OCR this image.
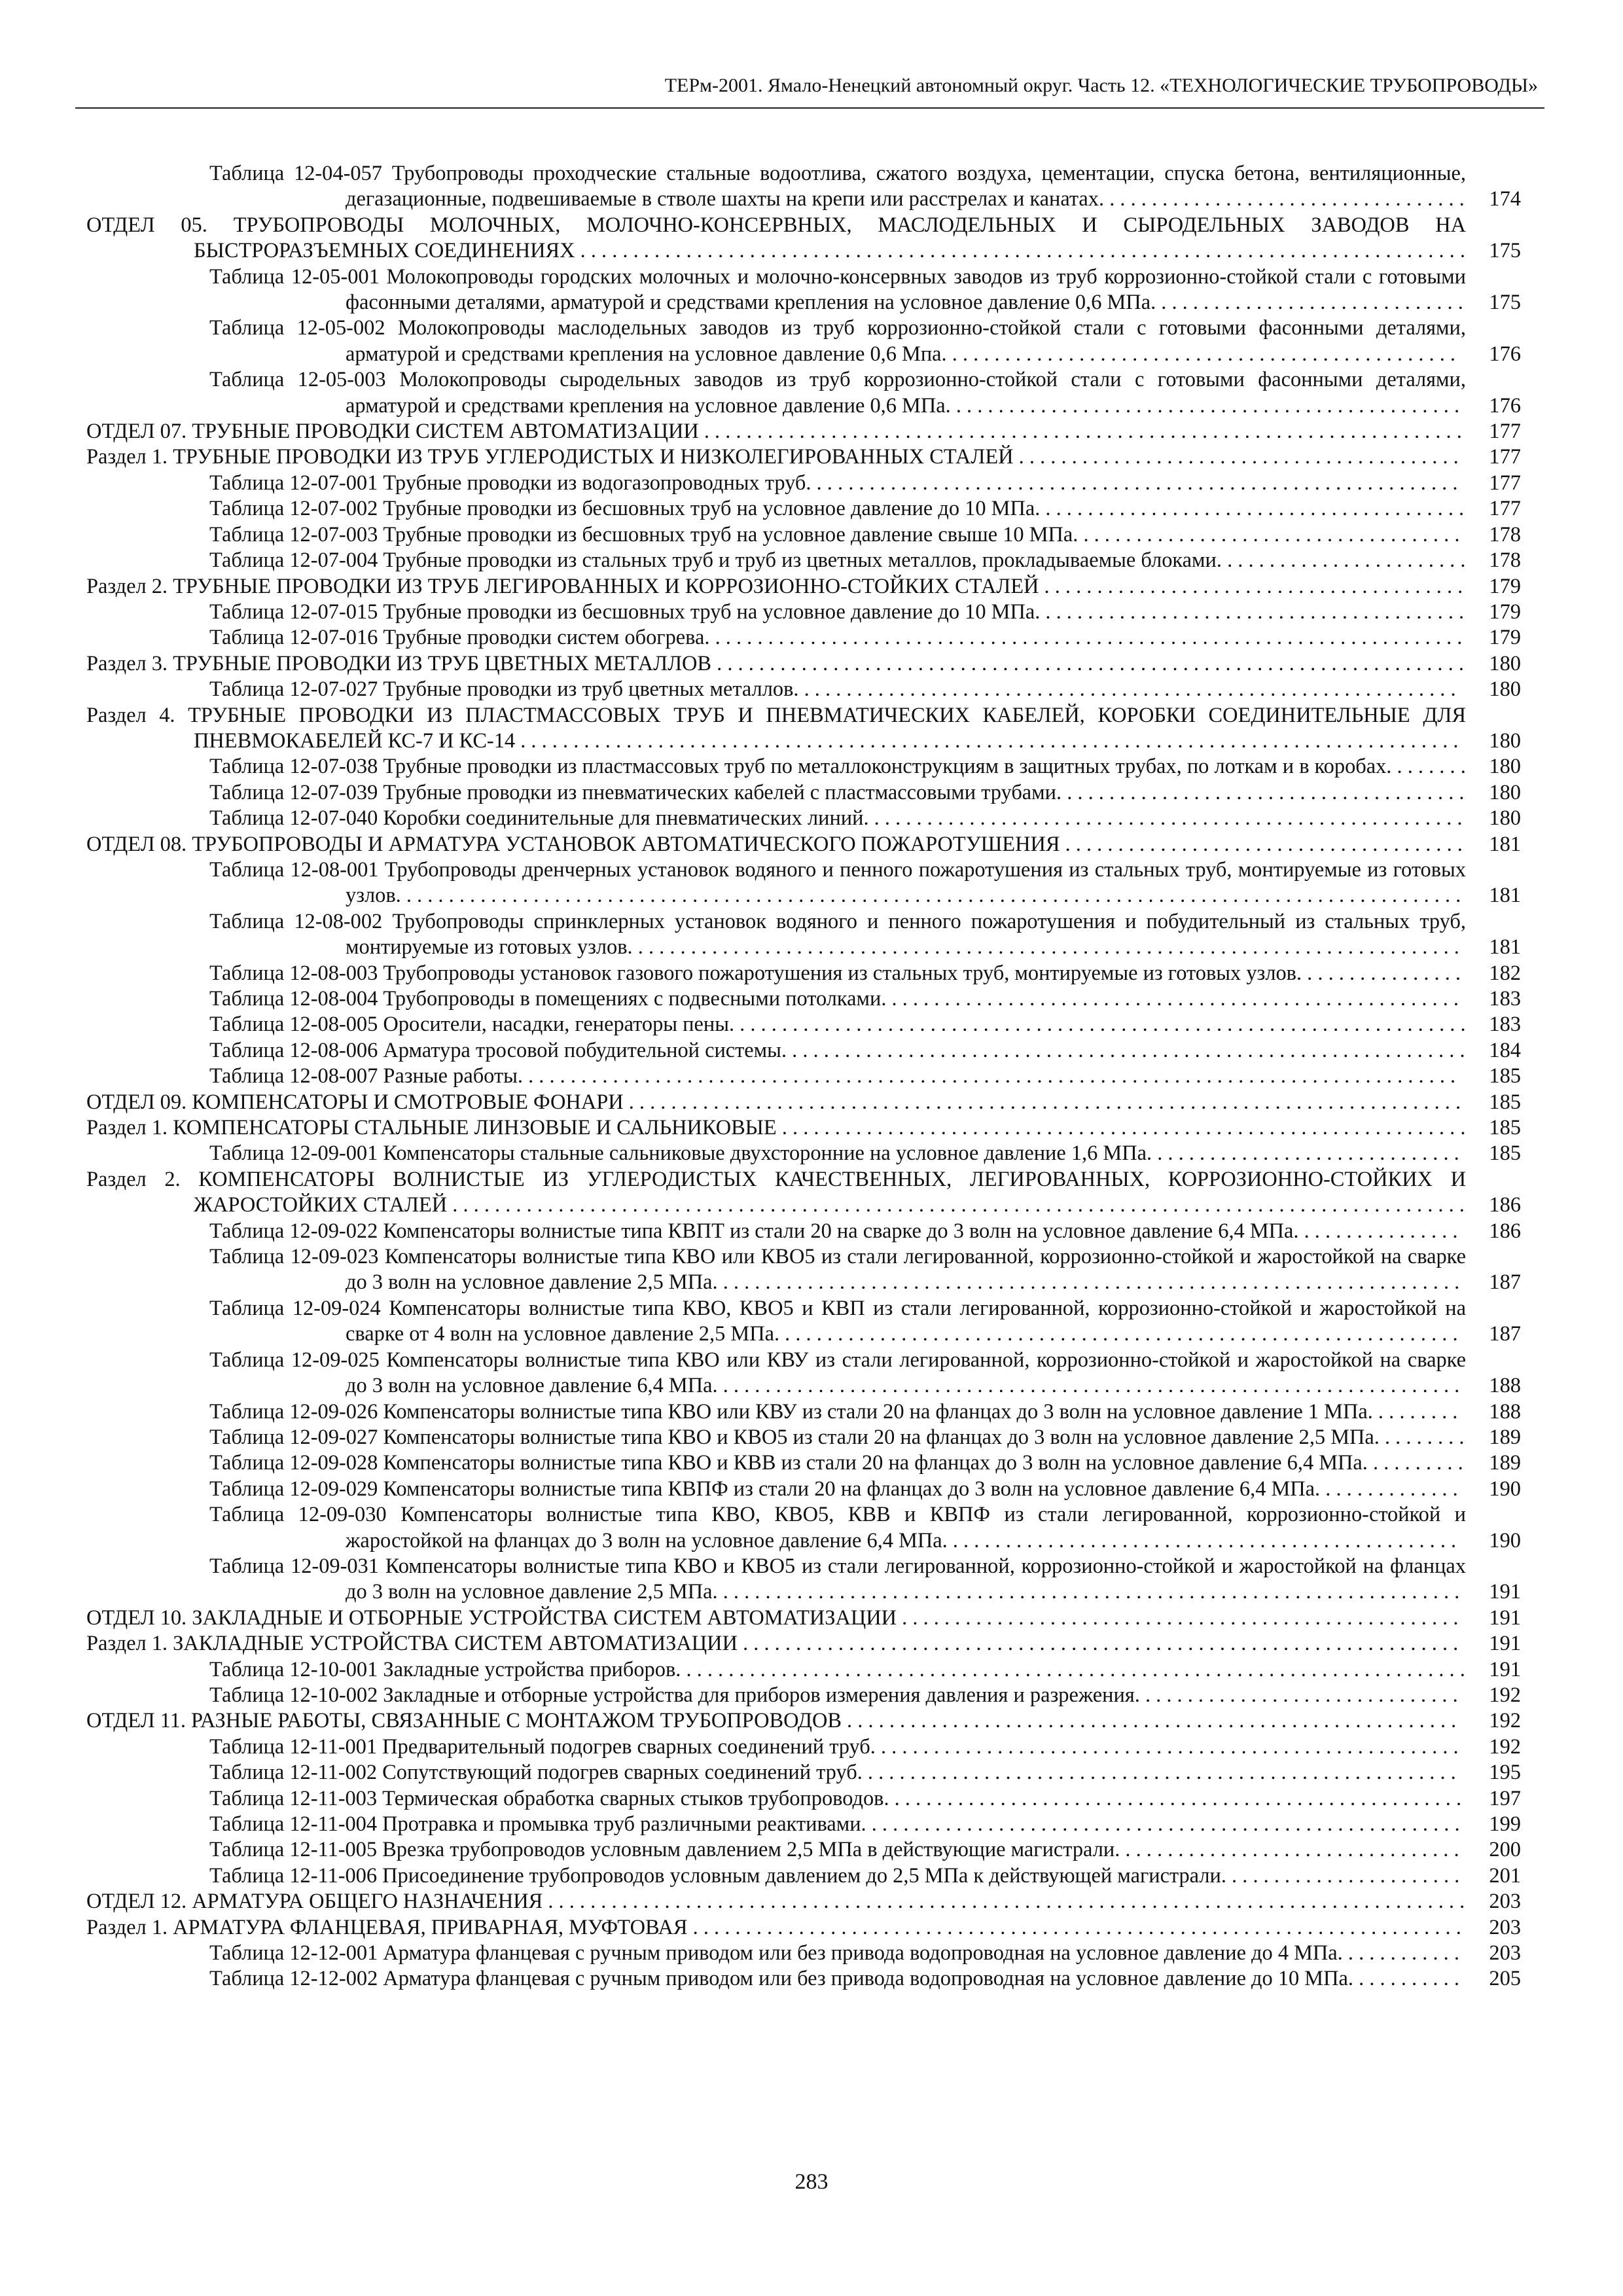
ТЕРм-2001. Ямало-Ненецкий автономный округ. Часть 12. «ТЕХНОЛОГИЧЕСКИЕ ТРУБОПРОВОДЫ»
Таблица 12-04-057 Трубопроводы проходческие стальные водоотлива, сжатого воздуха, цементации, спуска бетона, вентиляционные, дегазационные, подвешиваемые в стволе шахты на крепи или расстрелах и канатах. . . . . . . . . . . . . . . . . . . . . . . . . . . . . . . . . . . 174
ОТДЕЛ 05. ТРУБОПРОВОДЫ МОЛОЧНЫХ, МОЛОЧНО-КОНСЕРВНЫХ, МАСЛОДЕЛЬНЫХ И СЫРОДЕЛЬНЫХ ЗАВОДОВ НА БЫСТРОРАЗЪЕМНЫХ СОЕДИНЕНИЯХ . . . . . . . . . . . . . . . . . . . . . . . . . . . . . . . . . . . . . . . . . . . . . . . . . . . . . . . . . . . . . . . . . . . . . . . . . . . . . . . . . . . . 175
Таблица 12-05-001 Молокопроводы городских молочных и молочно-консервных заводов из труб коррозионно-стойкой стали с готовыми фасонными деталями, арматурой и средствами крепления на условное давление 0,6 МПа. . . . . . . . . . . . . . . . . . . . . . . . . . . . . . 175
Таблица 12-05-002 Молокопроводы маслодельных заводов из труб коррозионно-стойкой стали с готовыми фасонными деталями, арматурой и средствами крепления на условное давление 0,6 Мпа. . . . . . . . . . . . . . . . . . . . . . . . . . . . . . . . . . . . . . . . . . . . . . . . . 176
Таблица 12-05-003 Молокопроводы сыродельных заводов из труб коррозионно-стойкой стали с готовыми фасонными деталями, арматурой и средствами крепления на условное давление 0,6 МПа. . . . . . . . . . . . . . . . . . . . . . . . . . . . . . . . . . . . . . . . . . . . . . . . . 176
ОТДЕЛ 07. ТРУБНЫЕ ПРОВОДКИ СИСТЕМ АВТОМАТИЗАЦИИ . . . . . . . . . . . . . . . . . . . . . . . . . . . . . . . . . . . . . . . . . . . . . . . . . . . . . . . . . . . . . . . . . . . . . . . . 177
Раздел 1. ТРУБНЫЕ ПРОВОДКИ ИЗ ТРУБ УГЛЕРОДИСТЫХ И НИЗКОЛЕГИРОВАННЫХ СТАЛЕЙ . . . . . . . . . . . . . . . . . . . . . . . . . . . . . . . . . . . . . . . . . . 177
Таблица 12-07-001 Трубные проводки из водогазопроводных труб. . . . . . . . . . . . . . . . . . . . . . . . . . . . . . . . . . . . . . . . . . . . . . . . . . . . . . . . . . . . . . 177
Таблица 12-07-002 Трубные проводки из бесшовных труб на условное давление до 10 МПа. . . . . . . . . . . . . . . . . . . . . . . . . . . . . . . . . . . . . . . . . 177
Таблица 12-07-003 Трубные проводки из бесшовных труб на условное давление свыше 10 МПа. . . . . . . . . . . . . . . . . . . . . . . . . . . . . . . . . . . . . 178
Таблица 12-07-004 Трубные проводки из стальных труб и труб из цветных металлов, прокладываемые блоками. . . . . . . . . . . . . . . . . . . . . . . . 178
Раздел 2. ТРУБНЫЕ ПРОВОДКИ ИЗ ТРУБ ЛЕГИРОВАННЫХ И КОРРОЗИОННО-СТОЙКИХ СТАЛЕЙ . . . . . . . . . . . . . . . . . . . . . . . . . . . . . . . . . . . . . . . . 179
Таблица 12-07-015 Трубные проводки из бесшовных труб на условное давление до 10 МПа. . . . . . . . . . . . . . . . . . . . . . . . . . . . . . . . . . . . . . . . . 179
Таблица 12-07-016 Трубные проводки систем обогрева. . . . . . . . . . . . . . . . . . . . . . . . . . . . . . . . . . . . . . . . . . . . . . . . . . . . . . . . . . . . . . . . . . . . . . . . 179
Раздел 3. ТРУБНЫЕ ПРОВОДКИ ИЗ ТРУБ ЦВЕТНЫХ МЕТАЛЛОВ . . . . . . . . . . . . . . . . . . . . . . . . . . . . . . . . . . . . . . . . . . . . . . . . . . . . . . . . . . . . . . . . . . . . . . . 180
Таблица 12-07-027 Трубные проводки из труб цветных металлов. . . . . . . . . . . . . . . . . . . . . . . . . . . . . . . . . . . . . . . . . . . . . . . . . . . . . . . . . . . . . . . 180
Раздел 4. ТРУБНЫЕ ПРОВОДКИ ИЗ ПЛАСТМАССОВЫХ ТРУБ И ПНЕВМАТИЧЕСКИХ КАБЕЛЕЙ, КОРОБКИ СОЕДИНИТЕЛЬНЫЕ ДЛЯ ПНЕВМОКАБЕЛЕЙ КС-7 И КС-14 . . . . . . . . . . . . . . . . . . . . . . . . . . . . . . . . . . . . . . . . . . . . . . . . . . . . . . . . . . . . . . . . . . . . . . . . . . . . . . . . . . . . . . . . . 180
Таблица 12-07-038 Трубные проводки из пластмассовых труб по металлоконструкциям в защитных трубах, по лоткам и в коробах. . . . . . . . 180
Таблица 12-07-039 Трубные проводки из пневматических кабелей с пластмассовыми трубами. . . . . . . . . . . . . . . . . . . . . . . . . . . . . . . . . . . . . . . 180
Таблица 12-07-040 Коробки соединительные для пневматических линий. . . . . . . . . . . . . . . . . . . . . . . . . . . . . . . . . . . . . . . . . . . . . . . . . . . . . . . . . 180
ОТДЕЛ 08. ТРУБОПРОВОДЫ И АРМАТУРА УСТАНОВОК АВТОМАТИЧЕСКОГО ПОЖАРОТУШЕНИЯ . . . . . . . . . . . . . . . . . . . . . . . . . . . . . . . . . . . . . . 181
Таблица 12-08-001 Трубопроводы дренчерных установок водяного и пенного пожаротушения из стальных труб, монтируемые из готовых узлов. . . . . . . . . . . . . . . . . . . . . . . . . . . . . . . . . . . . . . . . . . . . . . . . . . . . . . . . . . . . . . . . . . . . . . . . . . . . . . . . . . . . . . . . . . . . . . . . . . . . . 181
Таблица 12-08-002 Трубопроводы спринклерных установок водяного и пенного пожаротушения и побудительный из стальных труб, монтируемые из готовых узлов. . . . . . . . . . . . . . . . . . . . . . . . . . . . . . . . . . . . . . . . . . . . . . . . . . . . . . . . . . . . . . . . . . . . . . . . . . . . . . . 181
Таблица 12-08-003 Трубопроводы установок газового пожаротушения из стальных труб, монтируемые из готовых узлов. . . . . . . . . . . . . . . . 182
Таблица 12-08-004 Трубопроводы в помещениях с подвесными потолками. . . . . . . . . . . . . . . . . . . . . . . . . . . . . . . . . . . . . . . . . . . . . . . . . . . . . . . 183
Таблица 12-08-005 Оросители, насадки, генераторы пены. . . . . . . . . . . . . . . . . . . . . . . . . . . . . . . . . . . . . . . . . . . . . . . . . . . . . . . . . . . . . . . . . . . . . . 183
Таблица 12-08-006 Арматура тросовой побудительной системы. . . . . . . . . . . . . . . . . . . . . . . . . . . . . . . . . . . . . . . . . . . . . . . . . . . . . . . . . . . . . . . . . 184
Таблица 12-08-007 Разные работы. . . . . . . . . . . . . . . . . . . . . . . . . . . . . . . . . . . . . . . . . . . . . . . . . . . . . . . . . . . . . . . . . . . . . . . . . . . . . . . . . . . . . . . . . 185
ОТДЕЛ 09. КОМПЕНСАТОРЫ И СМОТРОВЫЕ ФОНАРИ . . . . . . . . . . . . . . . . . . . . . . . . . . . . . . . . . . . . . . . . . . . . . . . . . . . . . . . . . . . . . . . . . . . . . . . . . . . . . . . 185
Раздел 1. КОМПЕНСАТОРЫ СТАЛЬНЫЕ ЛИНЗОВЫЕ И САЛЬНИКОВЫЕ . . . . . . . . . . . . . . . . . . . . . . . . . . . . . . . . . . . . . . . . . . . . . . . . . . . . . . . . . . . . . . . . . 185
Таблица 12-09-001 Компенсаторы стальные сальниковые двухсторонние на условное давление 1,6 МПа. . . . . . . . . . . . . . . . . . . . . . . . . . . . . . 185
Раздел 2. КОМПЕНСАТОРЫ ВОЛНИСТЫЕ ИЗ УГЛЕРОДИСТЫХ КАЧЕСТВЕННЫХ, ЛЕГИРОВАННЫХ, КОРРОЗИОННО-СТОЙКИХ И ЖАРОСТОЙКИХ СТАЛЕЙ . . . . . . . . . . . . . . . . . . . . . . . . . . . . . . . . . . . . . . . . . . . . . . . . . . . . . . . . . . . . . . . . . . . . . . . . . . . . . . . . . . . . . . . . . . . . . . . . 186
Таблица 12-09-022 Компенсаторы волнистые типа КВПТ из стали 20 на сварке до 3 волн на условное давление 6,4 МПа. . . . . . . . . . . . . . . . 186
Таблица 12-09-023 Компенсаторы волнистые типа КВО или КВО5 из стали легированной, коррозионно-стойкой и жаростойкой на сварке до 3 волн на условное давление 2,5 МПа. . . . . . . . . . . . . . . . . . . . . . . . . . . . . . . . . . . . . . . . . . . . . . . . . . . . . . . . . . . . . . . . . . . . . . . 187
Таблица 12-09-024 Компенсаторы волнистые типа КВО, КВО5 и КВП из стали легированной, коррозионно-стойкой и жаростойкой на сварке от 4 волн на условное давление 2,5 МПа. . . . . . . . . . . . . . . . . . . . . . . . . . . . . . . . . . . . . . . . . . . . . . . . . . . . . . . . . . . . . . . . . 187
Таблица 12-09-025 Компенсаторы волнистые типа КВО или КВУ из стали легированной, коррозионно-стойкой и жаростойкой на сварке до 3 волн на условное давление 6,4 МПа. . . . . . . . . . . . . . . . . . . . . . . . . . . . . . . . . . . . . . . . . . . . . . . . . . . . . . . . . . . . . . . . . . . . . . . 188
Таблица 12-09-026 Компенсаторы волнистые типа КВО или КВУ из стали 20 на фланцах до 3 волн на условное давление 1 МПа. . . . . . . . . 188
Таблица 12-09-027 Компенсаторы волнистые типа КВО и КВО5 из стали 20 на фланцах до 3 волн на условное давление 2,5 МПа. . . . . . . . . 189
Таблица 12-09-028 Компенсаторы волнистые типа КВО и КВВ из стали 20 на фланцах до 3 волн на условное давление 6,4 МПа. . . . . . . . . . 189
Таблица 12-09-029 Компенсаторы волнистые типа КВПФ из стали 20 на фланцах до 3 волн на условное давление 6,4 МПа. . . . . . . . . . . . . . 190
Таблица 12-09-030 Компенсаторы волнистые типа КВО, КВО5, КВВ и КВПФ из стали легированной, коррозионно-стойкой и жаростойкой на фланцах до 3 волн на условное давление 6,4 МПа. . . . . . . . . . . . . . . . . . . . . . . . . . . . . . . . . . . . . . . . . . . . . . . . . 190
Таблица 12-09-031 Компенсаторы волнистые типа КВО и КВО5 из стали легированной, коррозионно-стойкой и жаростойкой на фланцах до 3 волн на условное давление 2,5 МПа. . . . . . . . . . . . . . . . . . . . . . . . . . . . . . . . . . . . . . . . . . . . . . . . . . . . . . . . . . . . . . . . . . . . . . . 191
ОТДЕЛ 10. ЗАКЛАДНЫЕ И ОТБОРНЫЕ УСТРОЙСТВА СИСТЕМ АВТОМАТИЗАЦИИ . . . . . . . . . . . . . . . . . . . . . . . . . . . . . . . . . . . . . . . . . . . . . . . . . . . . . 191
Раздел 1. ЗАКЛАДНЫЕ УСТРОЙСТВА СИСТЕМ АВТОМАТИЗАЦИИ . . . . . . . . . . . . . . . . . . . . . . . . . . . . . . . . . . . . . . . . . . . . . . . . . . . . . . . . . . . . . . . . . . . . 191
Таблица 12-10-001 Закладные устройства приборов. . . . . . . . . . . . . . . . . . . . . . . . . . . . . . . . . . . . . . . . . . . . . . . . . . . . . . . . . . . . . . . . . . . . . . . . . . . 191
Таблица 12-10-002 Закладные и отборные устройства для приборов измерения давления и разрежения. . . . . . . . . . . . . . . . . . . . . . . . . . . . . . . 192
ОТДЕЛ 11. РАЗНЫЕ РАБОТЫ, СВЯЗАННЫЕ С МОНТАЖОМ ТРУБОПРОВОДОВ . . . . . . . . . . . . . . . . . . . . . . . . . . . . . . . . . . . . . . . . . . . . . . . . . . . . . . . . . . 192
Таблица 12-11-001 Предварительный подогрев сварных соединений труб. . . . . . . . . . . . . . . . . . . . . . . . . . . . . . . . . . . . . . . . . . . . . . . . . . . . . . . . 192
Таблица 12-11-002 Сопутствующий подогрев сварных соединений труб. . . . . . . . . . . . . . . . . . . . . . . . . . . . . . . . . . . . . . . . . . . . . . . . . . . . . . . . . 195
Таблица 12-11-003 Термическая обработка сварных стыков трубопроводов. . . . . . . . . . . . . . . . . . . . . . . . . . . . . . . . . . . . . . . . . . . . . . . . . . . . . . . 197
Таблица 12-11-004 Протравка и промывка труб различными реактивами. . . . . . . . . . . . . . . . . . . . . . . . . . . . . . . . . . . . . . . . . . . . . . . . . . . . . . . . . 199
Таблица 12-11-005 Врезка трубопроводов условным давлением 2,5 МПа в действующие магистрали. . . . . . . . . . . . . . . . . . . . . . . . . . . . . . . . . 200
Таблица 12-11-006 Присоединение трубопроводов условным давлением до 2,5 МПа к действующей магистрали. . . . . . . . . . . . . . . . . . . . . . . 201
ОТДЕЛ 12. АРМАТУРА ОБЩЕГО НАЗНАЧЕНИЯ . . . . . . . . . . . . . . . . . . . . . . . . . . . . . . . . . . . . . . . . . . . . . . . . . . . . . . . . . . . . . . . . . . . . . . . . . . . . . . . . . . . . . . . 203
Раздел 1. АРМАТУРА ФЛАНЦЕВАЯ, ПРИВАРНАЯ, МУФТОВАЯ . . . . . . . . . . . . . . . . . . . . . . . . . . . . . . . . . . . . . . . . . . . . . . . . . . . . . . . . . . . . . . . . . . . . . . . . . 203
Таблица 12-12-001 Арматура фланцевая с ручным приводом или без привода водопроводная на условное давление до 4 МПа. . . . . . . . . . . . 203
Таблица 12-12-002 Арматура фланцевая с ручным приводом или без привода водопроводная на условное давление до 10 МПа. . . . . . . . . . . 205
283
